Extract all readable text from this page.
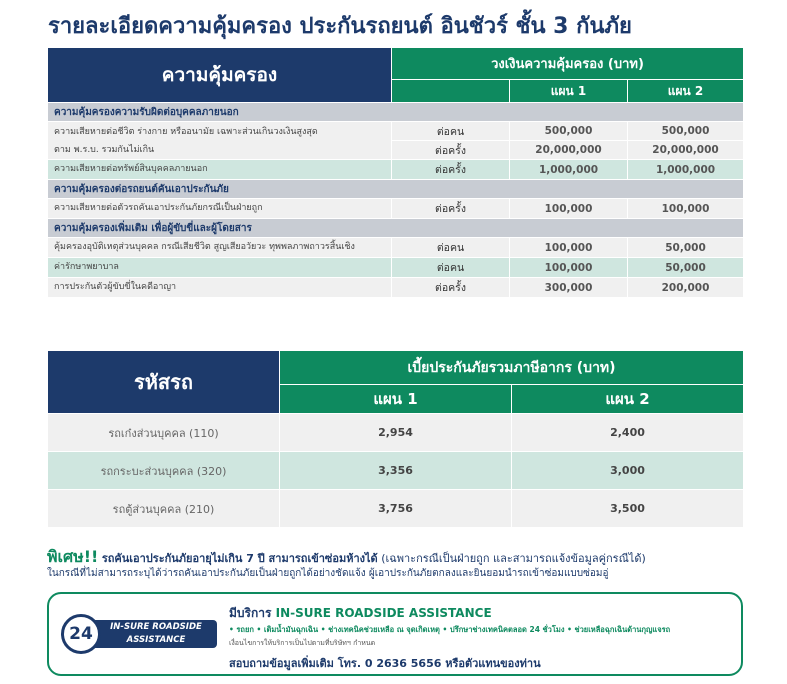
รายละเอียดความคุ้มครอง ประกันรถยนต์ อินชัวร์ ชั้น 3 กันภัย
ความคุ้มครอง	วงเงินความคุ้มครอง (บาท)		
		แผน 1	แผน 2
ความคุ้มครองความรับผิดต่อบุคคลภายนอก			

ความเสียหายต่อชีวิต ร่างกาย หรืออนามัย เฉพาะส่วนเกินวงเงินสูงสุด
ตาม พ.ร.บ. รวมกันไม่เกิน	ต่อคน	500,000	500,000
	ต่อครั้ง	20,000,000	20,000,000
ความเสียหายต่อทรัพย์สินบุคคลภายนอก	ต่อครั้ง	1,000,000	1,000,000
ความคุ้มครองต่อรถยนต์คันเอาประกันภัย			
ความเสียหายต่อตัวรถคันเอาประกันภัยกรณีเป็นฝ่ายถูก	ต่อครั้ง	100,000	100,000
ความคุ้มครองเพิ่มเติม เพื่อผู้ขับขี่และผู้โดยสาร			
คุ้มครองอุบัติเหตุส่วนบุคคล กรณีเสียชีวิต สูญเสียอวัยวะ ทุพพลภาพถาวรสิ้นเชิง	ต่อคน	100,000	50,000
ค่ารักษาพยาบาล	ต่อคน	100,000	50,000
การประกันตัวผู้ขับขี่ในคดีอาญา	ต่อครั้ง	300,000	200,000
รหัสรถ	เบี้ยประกันภัยรวมภาษีอากร (บาท)	
	แผน 1	แผน 2
รถเก๋งส่วนบุคคล (110)	2,954	2,400
รถกระบะส่วนบุคคล (320)	3,356	3,000
รถตู้ส่วนบุคคล (210)	3,756	3,500
พิเศษ!! รถคันเอาประกันภัยอายุไม่เกิน 7 ปี สามารถเข้าซ่อมห้างได้ (เฉพาะกรณีเป็นฝ่ายถูก และสามารถแจ้งข้อมูลคู่กรณีได้)
ในกรณีที่ไม่สามารถระบุได้ว่ารถคันเอาประกันภัยเป็นฝ่ายถูกได้อย่างชัดแจ้ง ผู้เอาประกันภัยตกลงและยินยอมนำรถเข้าซ่อมแบบซ่อมอู่
IN-SURE ROADSIDE
ASSISTANCE
24
มีบริการ IN-SURE ROADSIDE ASSISTANCE
• รถยก • เติมน้ำมันฉุกเฉิน • ช่างเทคนิคช่วยเหลือ ณ จุดเกิดเหตุ • ปรึกษาช่างเทคนิคตลอด 24 ชั่วโมง • ช่วยเหลือฉุกเฉินด้านกุญแจรถ
เงื่อนไขการให้บริการเป็นไปตามที่บริษัทฯ กำหนด
สอบถามข้อมูลเพิ่มเติม โทร. 0 2636 5656 หรือตัวแทนของท่าน
